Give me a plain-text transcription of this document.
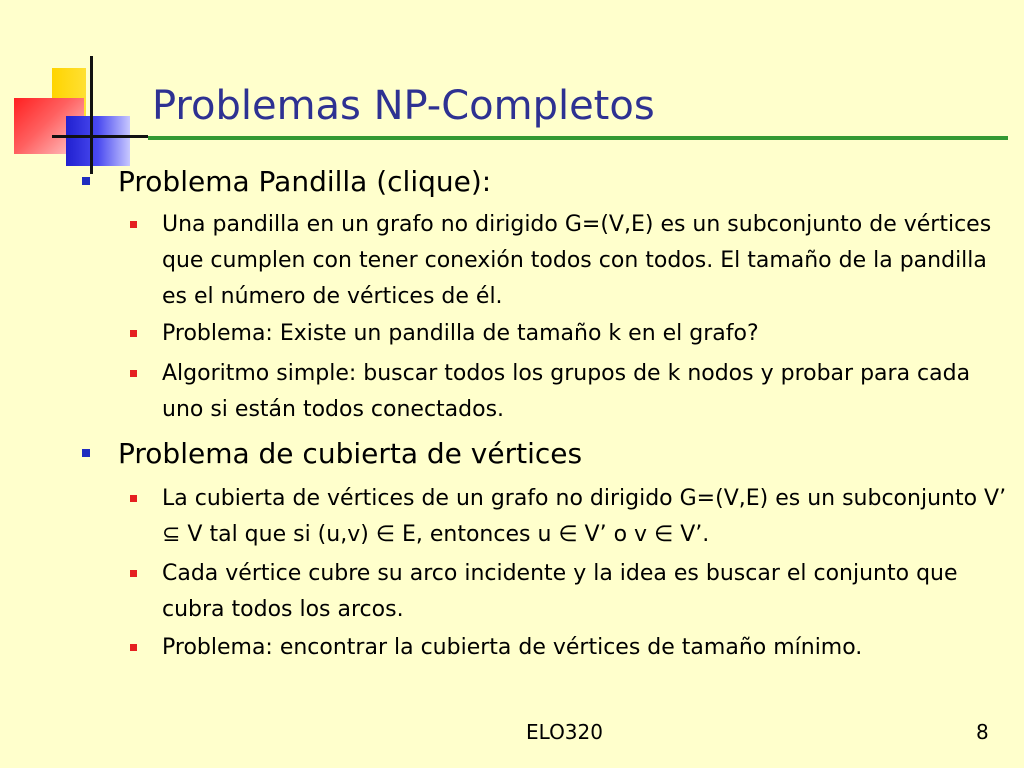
Problemas NP-Completos
Problema Pandilla (clique):
Una pandilla en un grafo no dirigido G=(V,E) es un subconjunto de vértices que cumplen con tener conexión todos con todos. El tamaño de la pandilla es el número de vértices de él.
Problema: Existe un pandilla de tamaño k en el grafo?
Algoritmo simple: buscar todos los grupos de k nodos y probar para cada uno si están todos conectados.
Problema de cubierta de vértices
La cubierta de vértices de un grafo no dirigido G=(V,E) es un subconjunto V’ ⊆ V tal que si (u,v) ∈ E, entonces u ∈ V’ o v ∈ V’.
Cada vértice cubre su arco incidente y la idea es buscar el conjunto que cubra todos los arcos.
Problema: encontrar la cubierta de vértices de tamaño mínimo.
ELO320	8
